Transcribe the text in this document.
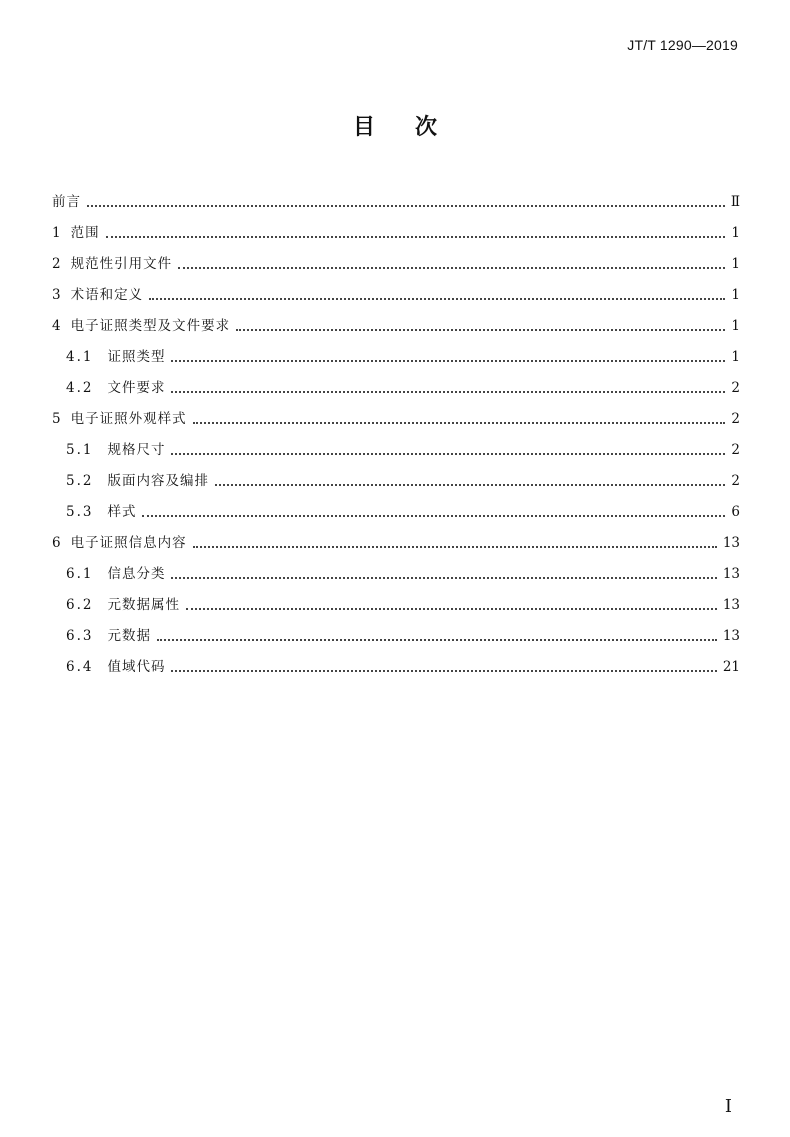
JT/T 1290—2019
目次
前言	Ⅱ
1 范围	1
2 规范性引用文件	1
3 术语和定义	1
4 电子证照类型及文件要求	1
4.1 证照类型	1
4.2 文件要求	2
5 电子证照外观样式	2
5.1 规格尺寸	2
5.2 版面内容及编排	2
5.3 样式	6
6 电子证照信息内容	13
6.1 信息分类	13
6.2 元数据属性	13
6.3 元数据	13
6.4 值域代码	21
I
